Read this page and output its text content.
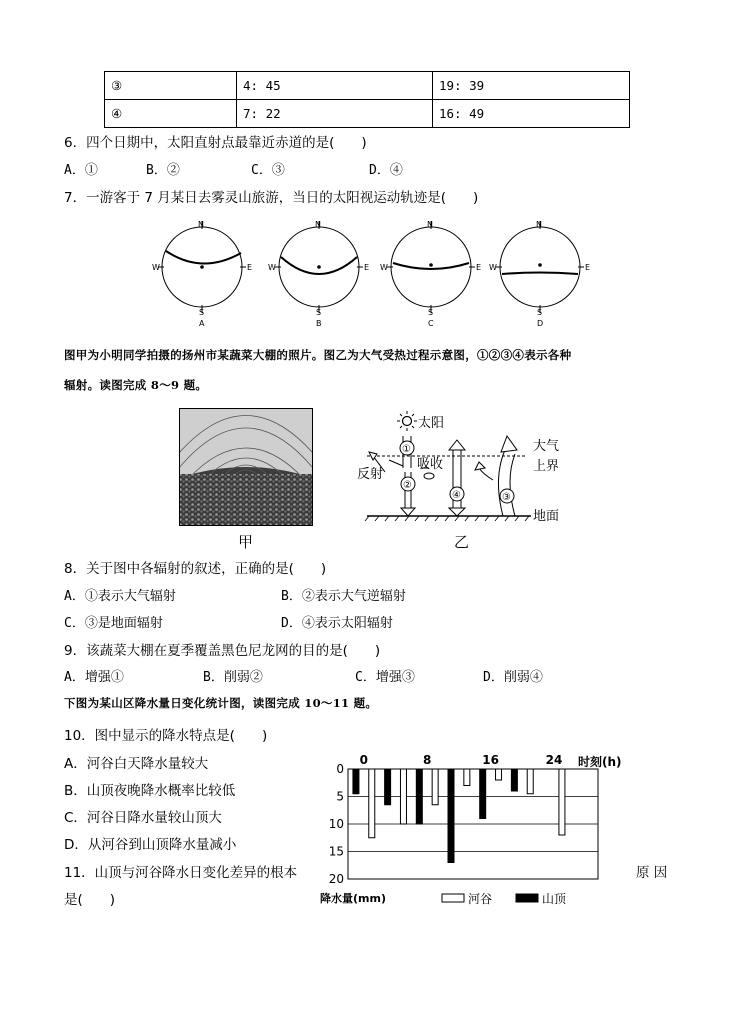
③	4: 45	19: 39
④	7: 22	16: 49
6．四个日期中，太阳直射点最靠近赤道的是(　　)
A．①	B．②	C．③	D．④
7．一游客于 7 月某日去雾灵山旅游，当日的太阳视运动轨迹是(　　)
N
W	E
S
A
N
W	E
S
B
N
W	E
S
C
N
W	E
S
D
图甲为小明同学拍摄的扬州市某蔬菜大棚的照片。图乙为大气受热过程示意图，①②③④表示各种
辐射。读图完成 8～9 题。
太阳
大气
上界
地面
①
反射
吸收
②
④	③
甲	乙
8．关于图中各辐射的叙述，正确的是(　　)
A．①表示大气辐射	B．②表示大气逆辐射
C．③是地面辐射	D．④表示太阳辐射
9．该蔬菜大棚在夏季覆盖黑色尼龙网的目的是(　　)
A．增强①	B．削弱②	C．增强③	D．削弱④
下图为某山区降水量日变化统计图，读图完成 10～11 题。
10．图中显示的降水特点是(　　)
A．河谷白天降水量较大
B．山顶夜晚降水概率比较低
C．河谷日降水量较山顶大
D．从河谷到山顶降水量减小
11．山顶与河谷降水日变化差异的根本	原 因
是(　　)
0
5
10
15
20
0	8	16	24 时刻(h)
降水量(mm)	河谷	山顶
